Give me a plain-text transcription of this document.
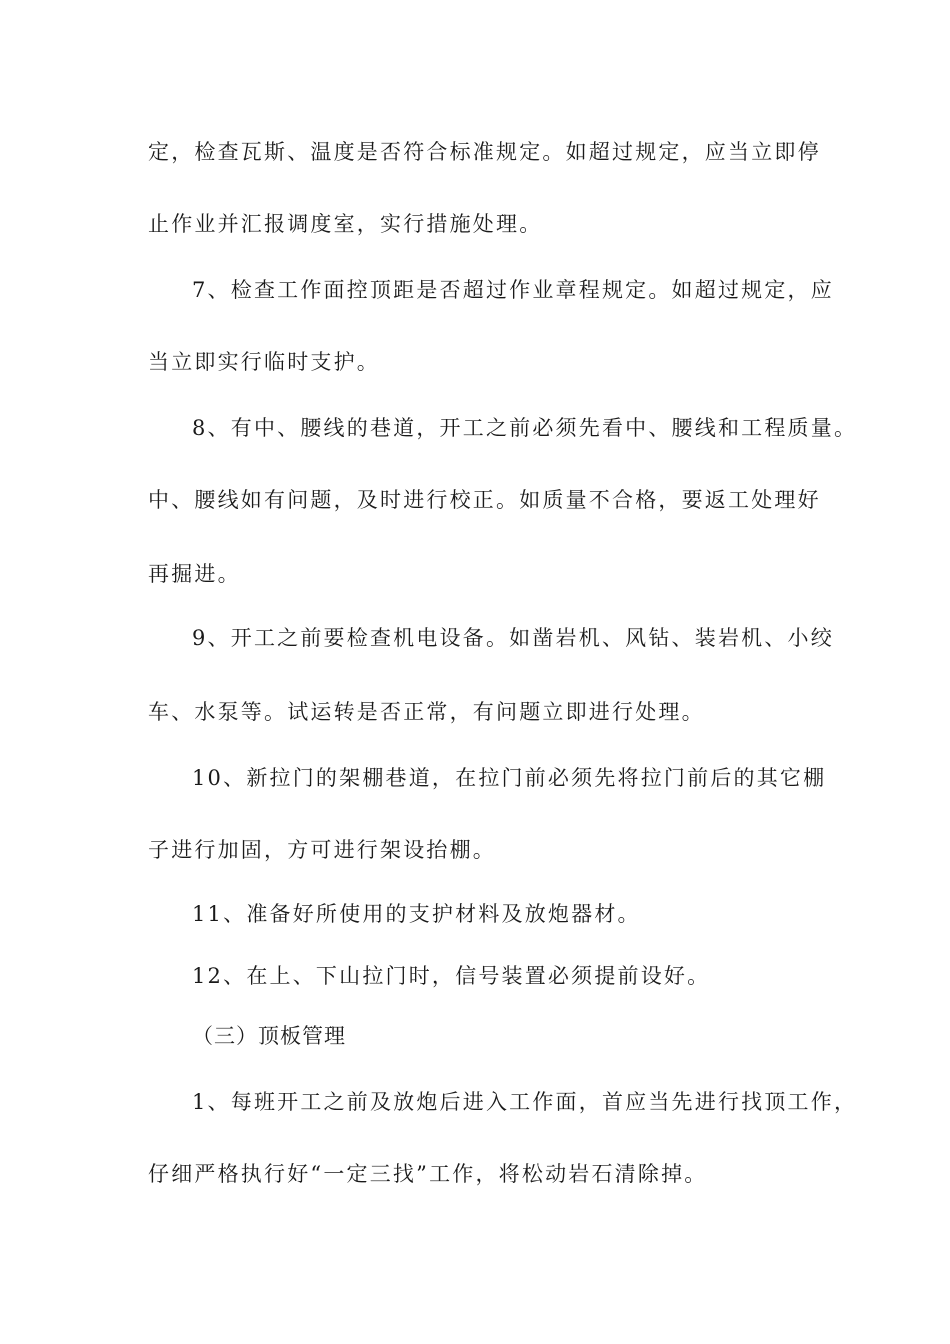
定，检查瓦斯、温度是否符合标准规定。如超过规定，应当立即停
止作业并汇报调度室，实行措施处理。
7、检查工作面控顶距是否超过作业章程规定。如超过规定，应
当立即实行临时支护。
8、有中、腰线的巷道，开工之前必须先看中、腰线和工程质量。
中、腰线如有问题，及时进行校正。如质量不合格，要返工处理好
再掘进。
9、开工之前要检查机电设备。如凿岩机、风钻、装岩机、小绞
车、水泵等。试运转是否正常，有问题立即进行处理。
10、新拉门的架棚巷道，在拉门前必须先将拉门前后的其它棚
子进行加固，方可进行架设抬棚。
11、准备好所使用的支护材料及放炮器材。
12、在上、下山拉门时，信号装置必须提前设好。
（三）顶板管理
1、每班开工之前及放炮后进入工作面，首应当先进行找顶工作，
仔细严格执行好“一定三找”工作，将松动岩石清除掉。
